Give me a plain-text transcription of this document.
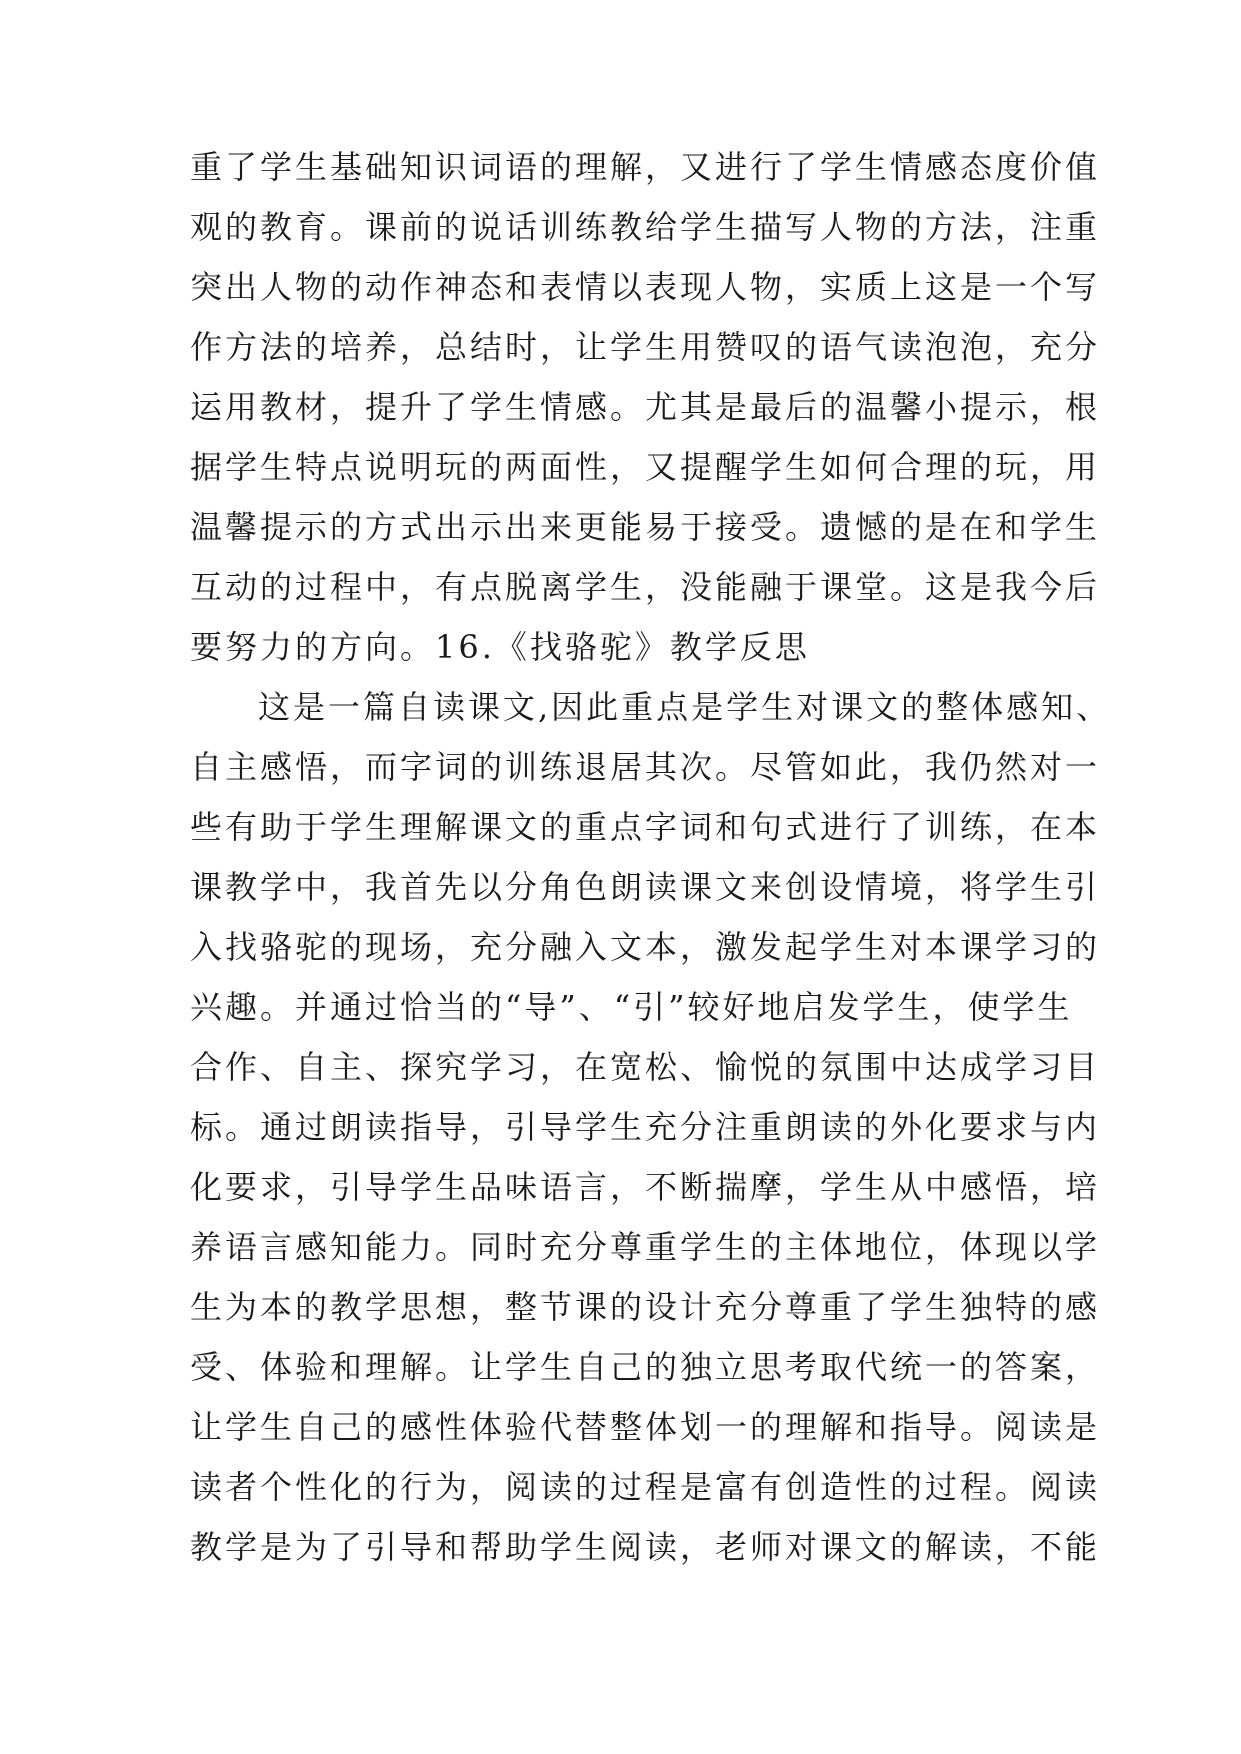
重了学生基础知识词语的理解，又进行了学生情感态度价值
观的教育。课前的说话训练教给学生描写人物的方法，注重
突出人物的动作神态和表情以表现人物，实质上这是一个写
作方法的培养，总结时，让学生用赞叹的语气读泡泡，充分
运用教材，提升了学生情感。尤其是最后的温馨小提示，根
据学生特点说明玩的两面性，又提醒学生如何合理的玩，用
温馨提示的方式出示出来更能易于接受。遗憾的是在和学生
互动的过程中，有点脱离学生，没能融于课堂。这是我今后
要努力的方向。16.《找骆驼》教学反思
这是一篇自读课文,因此重点是学生对课文的整体感知、
自主感悟，而字词的训练退居其次。尽管如此，我仍然对一
些有助于学生理解课文的重点字词和句式进行了训练，在本
课教学中，我首先以分角色朗读课文来创设情境，将学生引
入找骆驼的现场，充分融入文本，激发起学生对本课学习的
兴趣。并通过恰当的“导”、“引”较好地启发学生，使学生
合作、自主、探究学习，在宽松、愉悦的氛围中达成学习目
标。通过朗读指导，引导学生充分注重朗读的外化要求与内
化要求，引导学生品味语言，不断揣摩，学生从中感悟，培
养语言感知能力。同时充分尊重学生的主体地位，体现以学
生为本的教学思想，整节课的设计充分尊重了学生独特的感
受、体验和理解。让学生自己的独立思考取代统一的答案，
让学生自己的感性体验代替整体划一的理解和指导。阅读是
读者个性化的行为，阅读的过程是富有创造性的过程。阅读
教学是为了引导和帮助学生阅读，老师对课文的解读，不能
